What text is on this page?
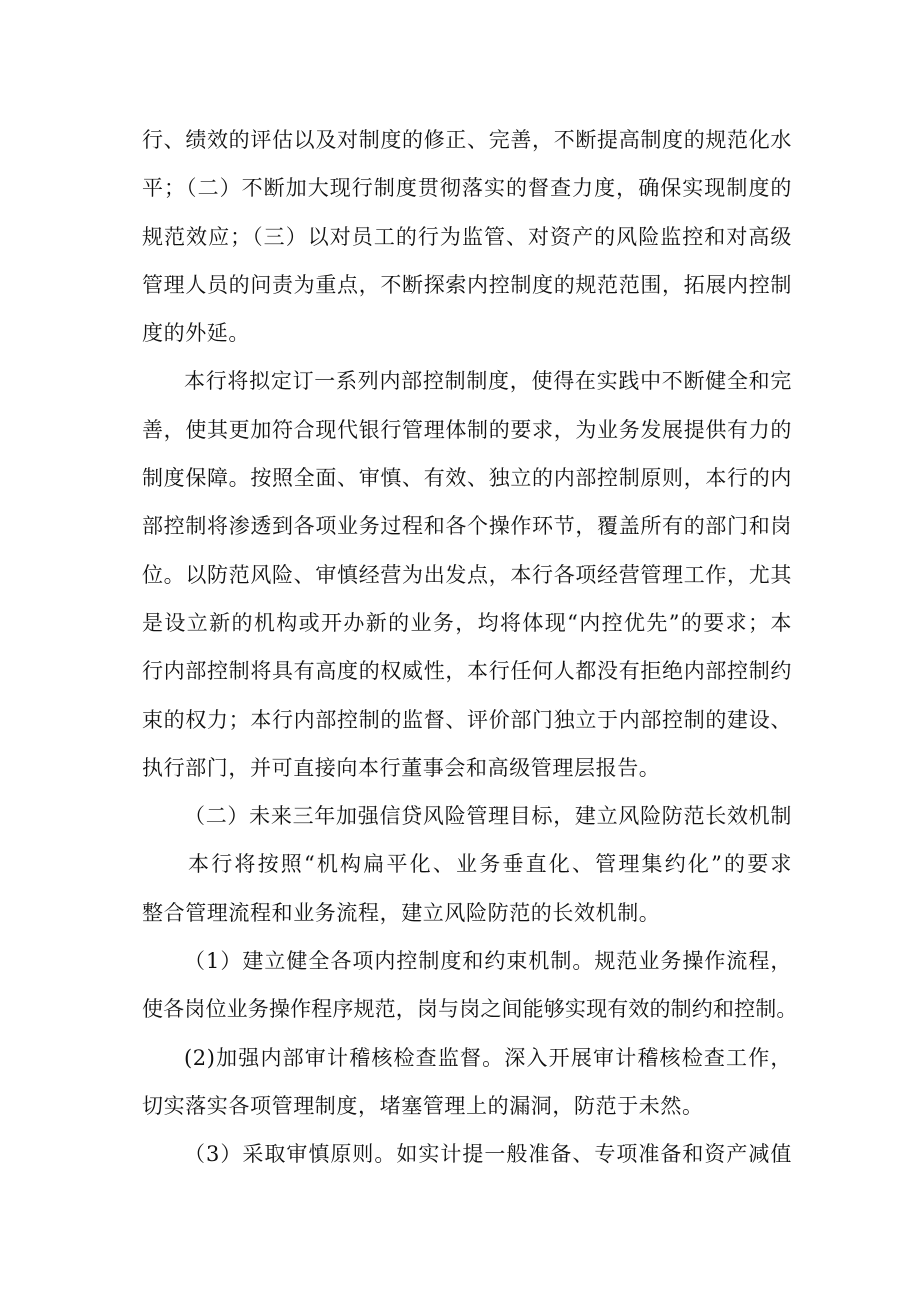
行、绩效的评估以及对制度的修正、完善，不断提高制度的规范化水
平；（二）不断加大现行制度贯彻落实的督查力度，确保实现制度的
规范效应；（三）以对员工的行为监管、对资产的风险监控和对高级
管理人员的问责为重点，不断探索内控制度的规范范围，拓展内控制
度的外延。
本行将拟定订一系列内部控制制度，使得在实践中不断健全和完
善，使其更加符合现代银行管理体制的要求，为业务发展提供有力的
制度保障。按照全面、审慎、有效、独立的内部控制原则，本行的内
部控制将渗透到各项业务过程和各个操作环节，覆盖所有的部门和岗
位。以防范风险、审慎经营为出发点，本行各项经营管理工作，尤其
是设立新的机构或开办新的业务，均将体现“内控优先”的要求；本
行内部控制将具有高度的权威性，本行任何人都没有拒绝内部控制约
束的权力；本行内部控制的监督、评价部门独立于内部控制的建设、
执行部门，并可直接向本行董事会和高级管理层报告。
（二）未来三年加强信贷风险管理目标，建立风险防范长效机制
本行将按照“机构扁平化、业务垂直化、管理集约化”的要求
整合管理流程和业务流程，建立风险防范的长效机制。
（1）建立健全各项内控制度和约束机制。规范业务操作流程，
使各岗位业务操作程序规范，岗与岗之间能够实现有效的制约和控制。
(2)加强内部审计稽核检查监督。深入开展审计稽核检查工作，
切实落实各项管理制度，堵塞管理上的漏洞，防范于未然。
（3）采取审慎原则。如实计提一般准备、专项准备和资产减值
